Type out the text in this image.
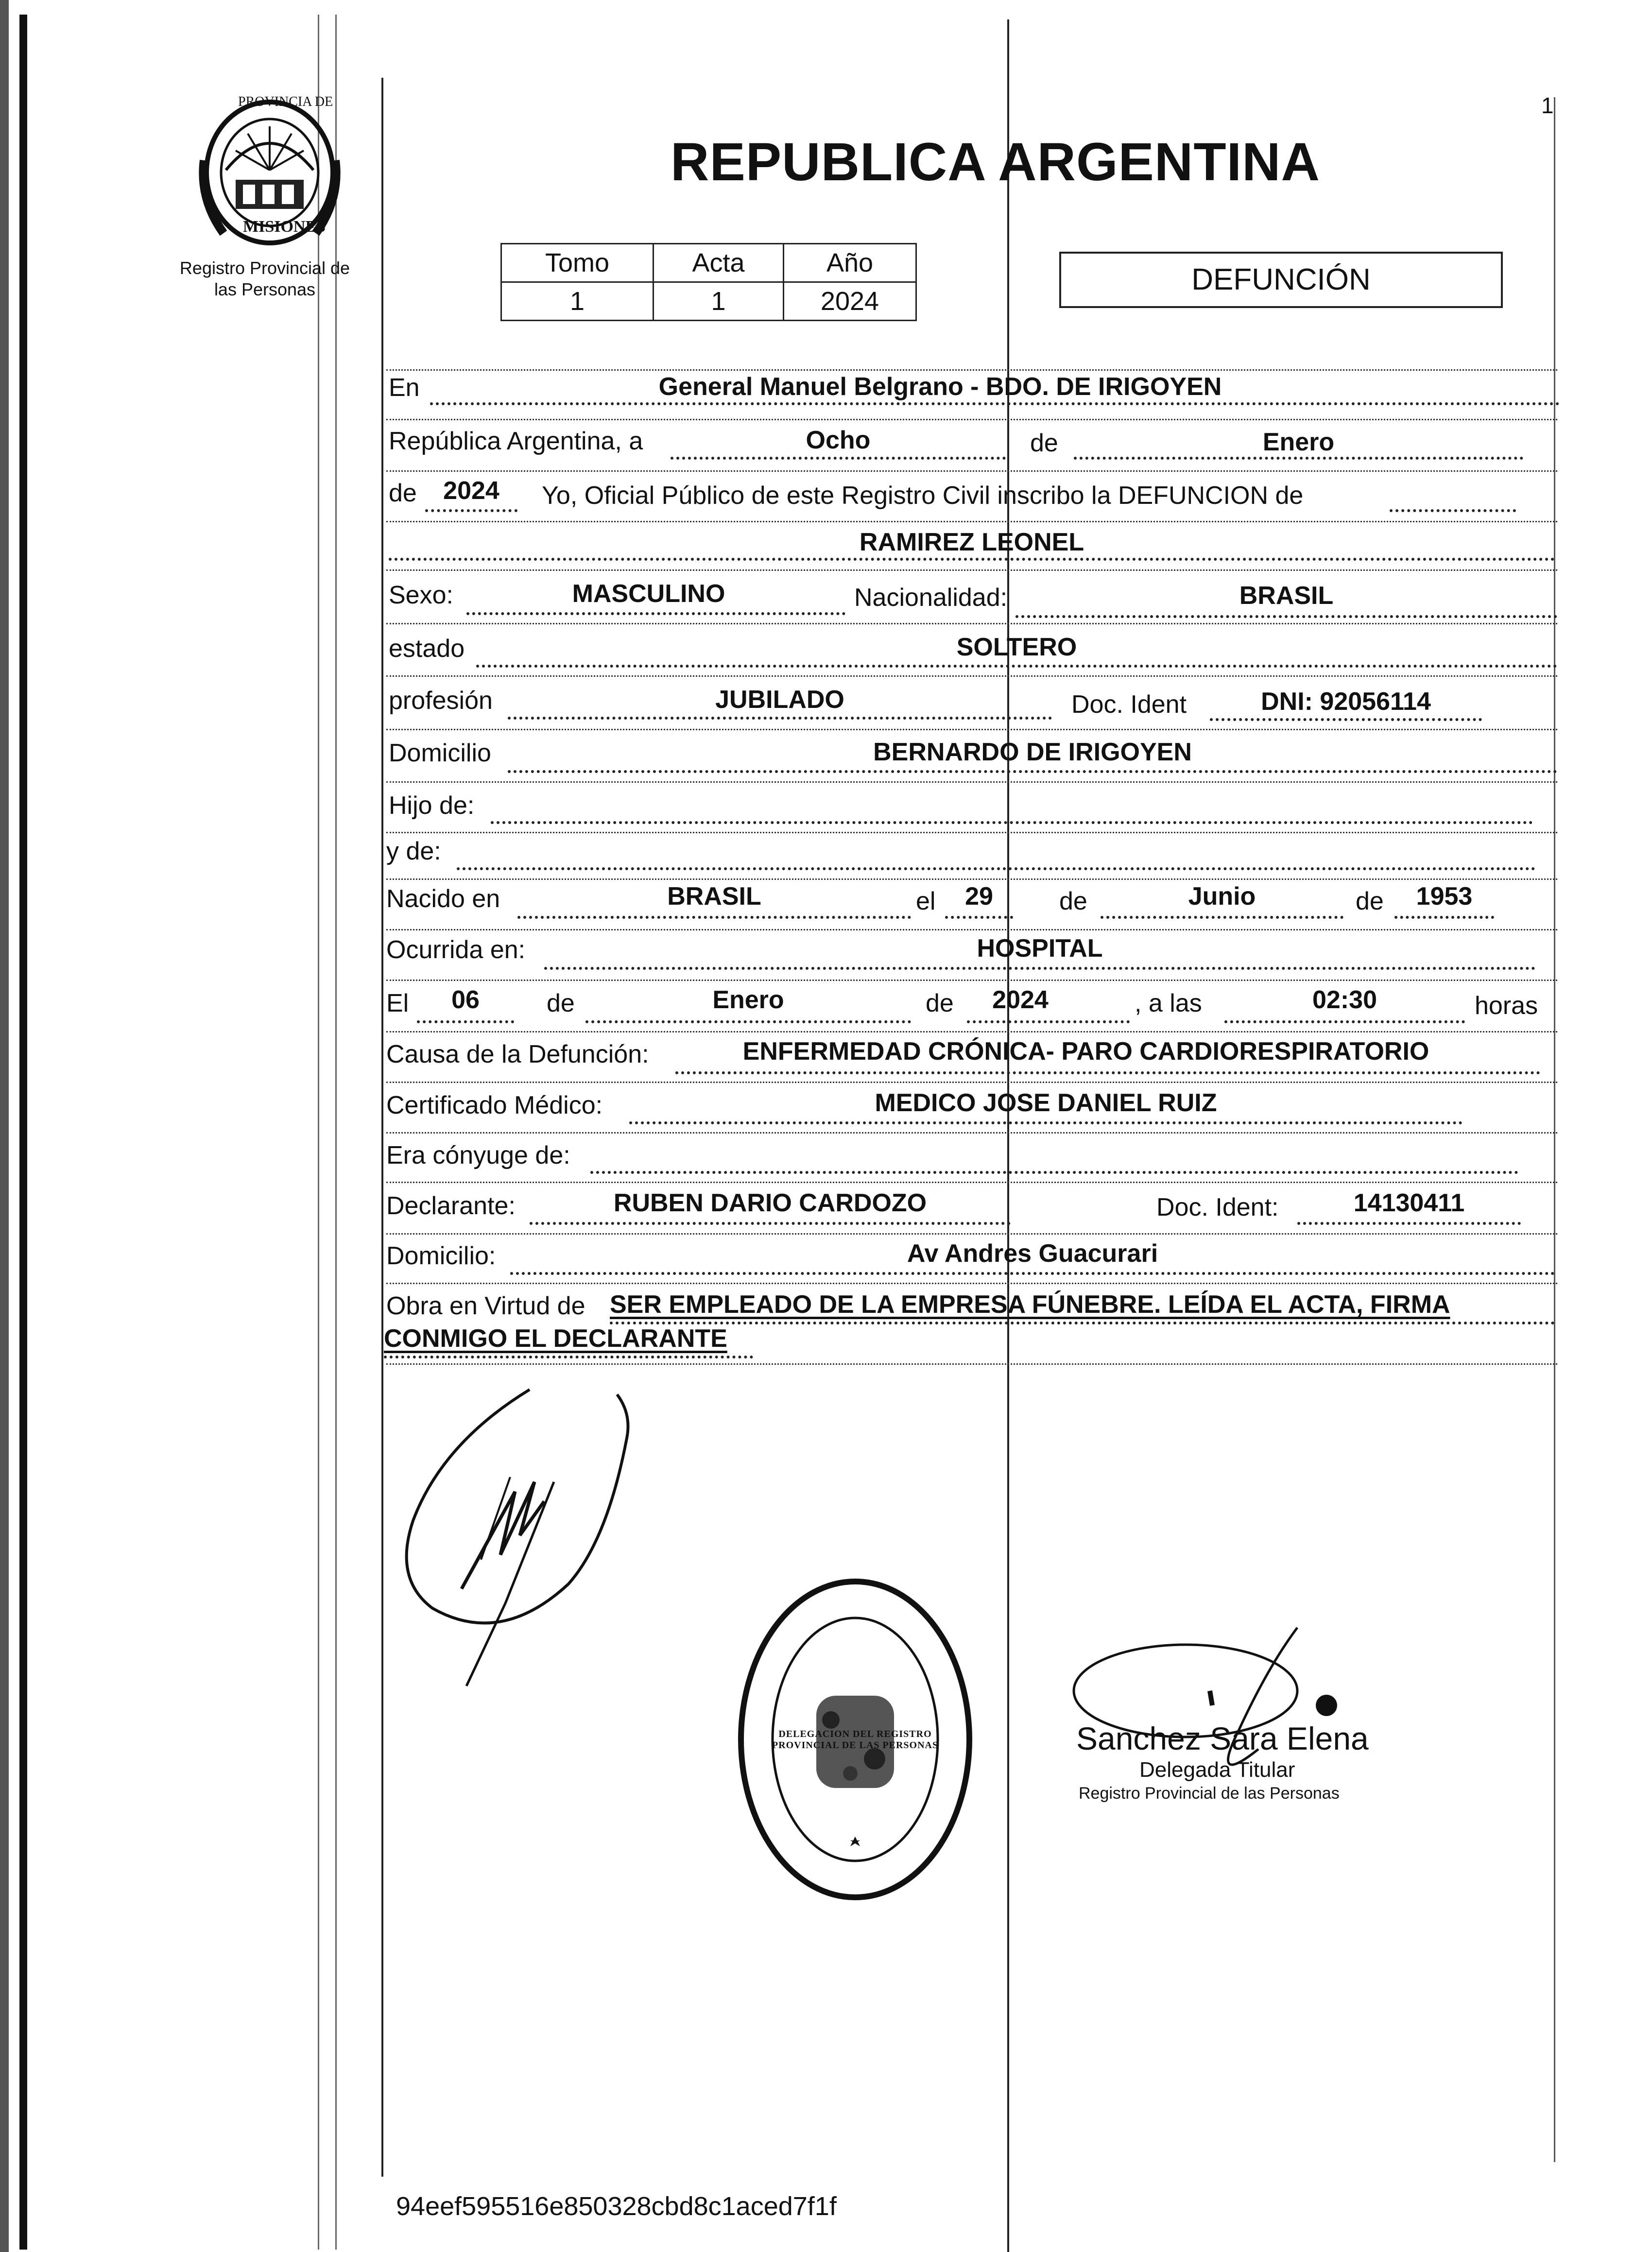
PROVINCIA DE
MISIONES
Registro Provincial de
las Personas
1
REPUBLICA ARGENTINA
Tomo	Acta	Año
1	1	2024
DEFUNCIÓN
En	General Manuel Belgrano - BDO. DE IRIGOYEN
República Argentina, a	Ocho	de	Enero
de	2024	Yo, Oficial Público de este Registro Civil inscribo la DEFUNCION de
RAMIREZ LEONEL
Sexo:	MASCULINO	Nacionalidad:	BRASIL
estado	SOLTERO
profesión	JUBILADO	Doc. Ident	DNI: 92056114
Domicilio	BERNARDO DE IRIGOYEN
Hijo de:
y de:
Nacido en	BRASIL	el	29	de	Junio	de	1953
Ocurrida en:	HOSPITAL
El	06	de	Enero	de	2024	, a las	02:30	horas
Causa de la Defunción:	ENFERMEDAD CRÓNICA- PARO CARDIORESPIRATORIO
Certificado Médico:	MEDICO JOSE DANIEL RUIZ
Era cónyuge de:
Declarante:	RUBEN DARIO CARDOZO	Doc. Ident:	14130411
Domicilio:	Av Andres Guacurari
Obra en Virtud de SER EMPLEADO DE LA EMPRESA FÚNEBRE. LEÍDA EL ACTA, FIRMA
CONMIGO EL DECLARANTE
DELEGACION DEL REGISTRO PROVINCIAL DE LAS PERSONAS	Sanchez Sara Elena
Delegada Titular
Registro Provincial de las Personas
94eef595516e850328cbd8c1aced7f1f
